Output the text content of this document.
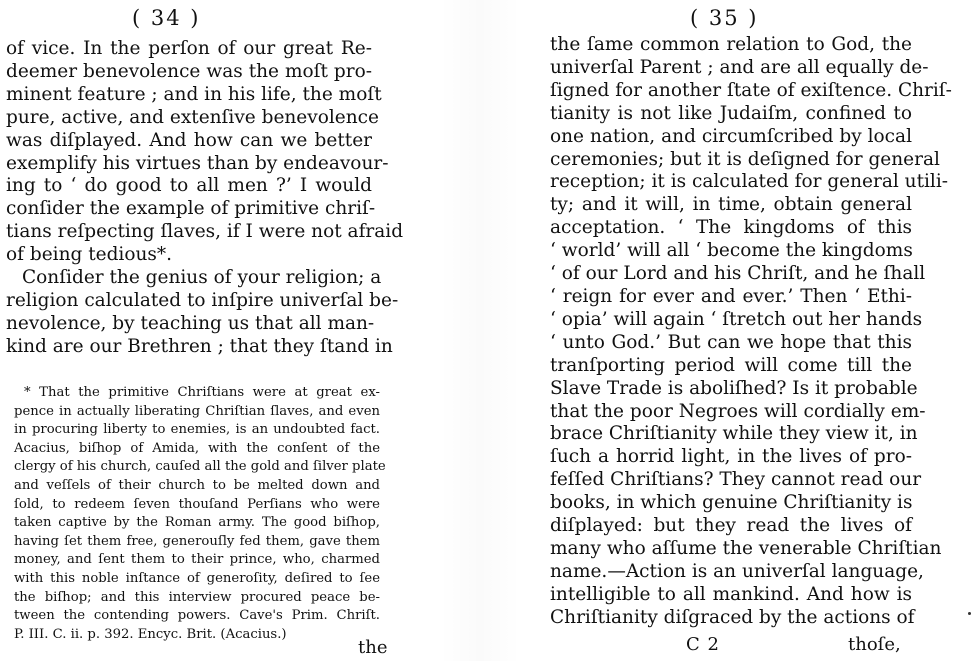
( 34 )
of vice. In the perſon of our great Re-
deemer benevolence was the moſt pro-
minent feature ; and in his life, the moſt
pure, active, and extenſive benevolence
was diſplayed. And how can we better
exemplify his virtues than by endeavour-
ing to ‘ do good to all men ?’ I would
conſider the example of primitive chriſ-
tians reſpecting ſlaves, if I were not afraid
of being tedious*.
Conſider the genius of your religion; a
religion calculated to inſpire univerſal be-
nevolence, by teaching us that all man-
kind are our Brethren ; that they ſtand in
* That the primitive Chriſtians were at great ex-
pence in actually liberating Chriſtian ſlaves, and even
in procuring liberty to enemies, is an undoubted fact.
Acacius, biſhop of Amida, with the conſent of the
clergy of his church, cauſed all the gold and ſilver plate
and veſſels of their church to be melted down and
ſold, to redeem ſeven thouſand Perſians who were
taken captive by the Roman army. The good biſhop,
having ſet them free, generouſly fed them, gave them
money, and ſent them to their prince, who, charmed
with this noble inſtance of generoſity, deſired to ſee
the biſhop; and this interview procured peace be-
tween the contending powers. Cave's Prim. Chriſt.
P. III. C. ii. p. 392. Encyc. Brit. (Acacius.)
the
( 35 )
the ſame common relation to God, the
univerſal Parent ; and are all equally de-
ſigned for another ſtate of exiſtence. Chriſ-
tianity is not like Judaiſm, confined to
one nation, and circumſcribed by local
ceremonies; but it is deſigned for general
reception; it is calculated for general utili-
ty; and it will, in time, obtain general
acceptation. ‘ The kingdoms of this
‘ world’ will all ‘ become the kingdoms
‘ of our Lord and his Chriſt, and he ſhall
‘ reign for ever and ever.’ Then ‘ Ethi-
‘ opia’ will again ‘ ſtretch out her hands
‘ unto God.’ But can we hope that this
tranſporting period will come till the
Slave Trade is aboliſhed? Is it probable
that the poor Negroes will cordially em-
brace Chriſtianity while they view it, in
ſuch a horrid light, in the lives of pro-
feſſed Chriſtians? They cannot read our
books, in which genuine Chriſtianity is
diſplayed: but they read the lives of
many who aſſume the venerable Chriſtian
name.—Action is an univerſal language,
intelligible to all mankind. And how is
Chriſtianity diſgraced by the actions of
C 2	thoſe,
